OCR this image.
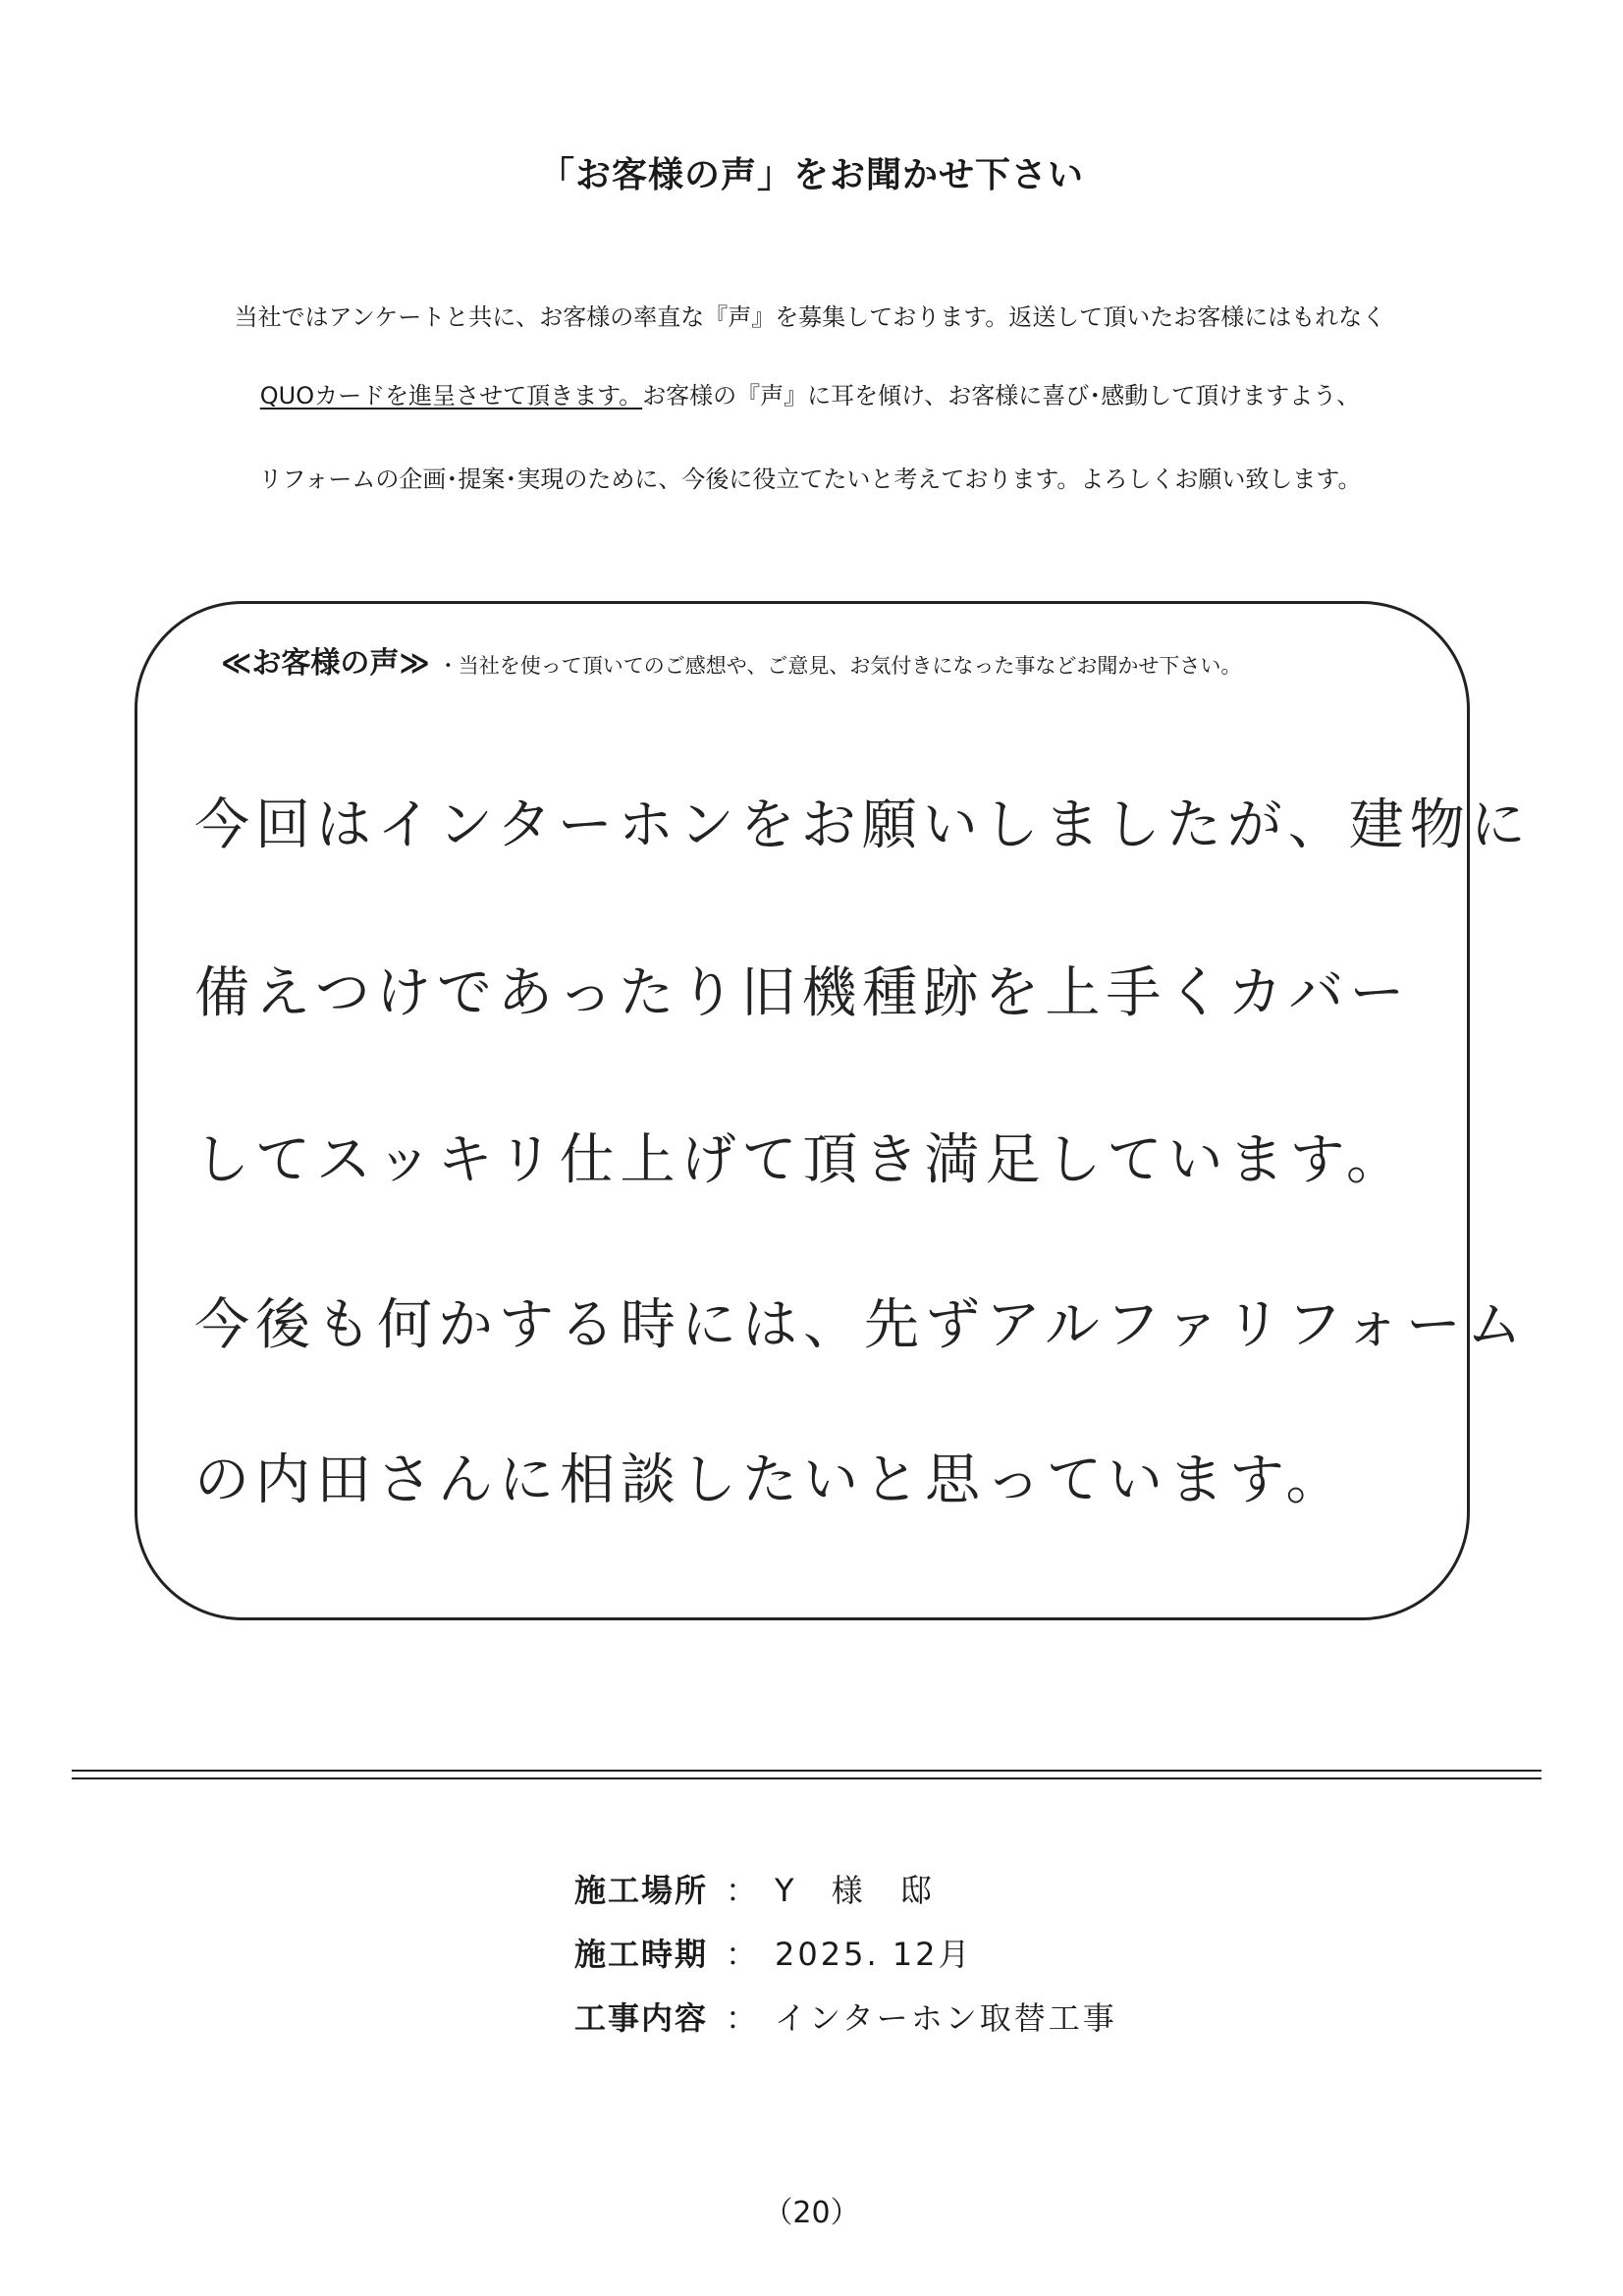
「お客様の声」をお聞かせ下さい
当社ではアンケートと共に、お客様の率直な『声』を募集しております。返送して頂いたお客様にはもれなく
QUOカードを進呈させて頂きます。お客様の『声』に耳を傾け、お客様に喜び･感動して頂けますよう、
リフォームの企画･提案･実現のために、今後に役立てたいと考えております。よろしくお願い致します。
≪お客様の声≫ ・当社を使って頂いてのご感想や、ご意見、お気付きになった事などお聞かせ下さい。
今回はインターホンをお願いしましたが、建物に
備えつけであったり旧機種跡を上手くカバー
してスッキリ仕上げて頂き満足しています。
今後も何かする時には、先ずアルファリフォーム
の内田さんに相談したいと思っています。
施工場所 ： Y　様　邸
施工時期 ： 2025. 12月
工事内容 ： インターホン取替工事
（20）
